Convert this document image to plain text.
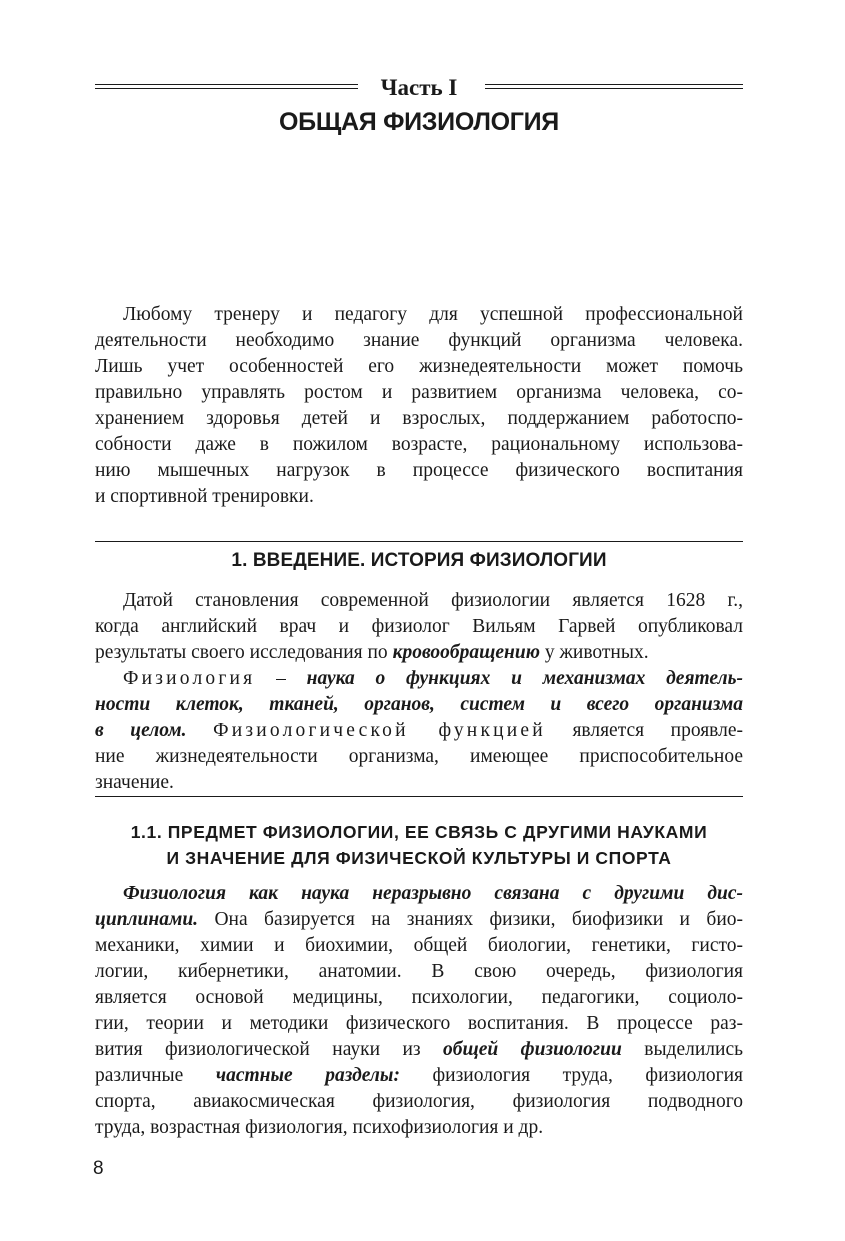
Часть I
ОБЩАЯ ФИЗИОЛОГИЯ
Любому тренеру и педагогу для успешной профессиональной
деятельности необходимо знание функций организма человека.
Лишь учет особенностей его жизнедеятельности может помочь
правильно управлять ростом и развитием организма человека, со-
хранением здоровья детей и взрослых, поддержанием работоспо-
собности даже в пожилом возрасте, рациональному использова-
нию мышечных нагрузок в процессе физического воспитания
и спортивной тренировки.
1. ВВЕДЕНИЕ. ИСТОРИЯ ФИЗИОЛОГИИ
Датой становления современной физиологии является 1628 г.,
когда английский врач и физиолог Вильям Гарвей опубликовал
результаты своего исследования по кровообращению у животных.
Физиология – наука о функциях и механизмах деятель-
ности клеток, тканей, органов, систем и всего организма
в целом. Физиологической функцией является проявле-
ние жизнедеятельности организма, имеющее приспособительное
значение.
1.1. ПРЕДМЕТ ФИЗИОЛОГИИ, ЕЕ СВЯЗЬ С ДРУГИМИ НАУКАМИ
И ЗНАЧЕНИЕ ДЛЯ ФИЗИЧЕСКОЙ КУЛЬТУРЫ И СПОРТА
Физиология как наука неразрывно связана с другими дис-
циплинами. Она базируется на знаниях физики, биофизики и био-
механики, химии и биохимии, общей биологии, генетики, гисто-
логии, кибернетики, анатомии. В свою очередь, физиология
является основой медицины, психологии, педагогики, социоло-
гии, теории и методики физического воспитания. В процессе раз-
вития физиологической науки из общей физиологии выделились
различные частные разделы: физиология труда, физиология
спорта, авиакосмическая физиология, физиология подводного
труда, возрастная физиология, психофизиология и др.
8
